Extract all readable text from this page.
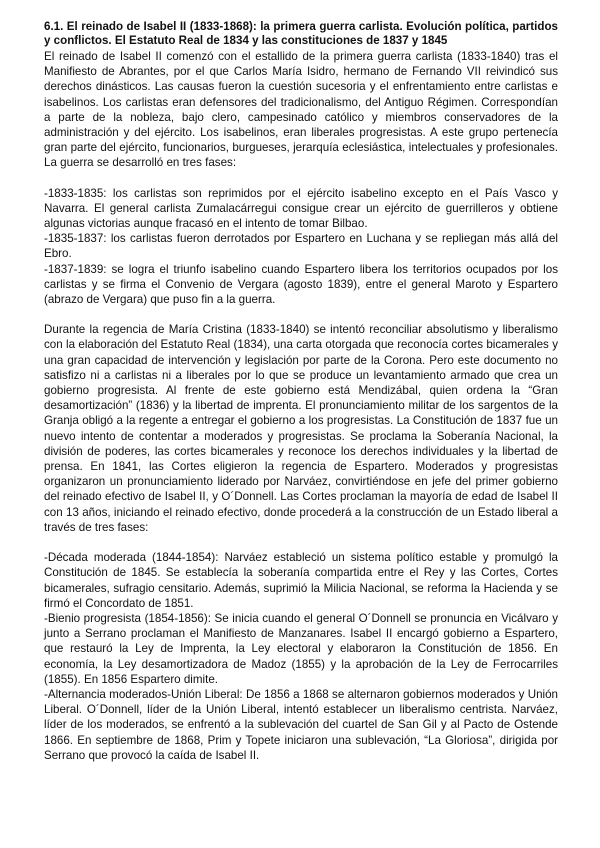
6.1. El reinado de Isabel II (1833-1868): la primera guerra carlista. Evolución política, partidos y conflictos. El Estatuto Real de 1834 y las constituciones de 1837 y 1845

El reinado de Isabel II comenzó con el estallido de la primera guerra carlista (1833-1840) tras el Manifiesto de Abrantes, por el que Carlos María Isidro, hermano de Fernando VII reivindicó sus derechos dinásticos. Las causas fueron la cuestión sucesoria y el enfrentamiento entre carlistas e isabelinos. Los carlistas eran defensores del tradicionalismo, del Antiguo Régimen. Correspondían a parte de la nobleza, bajo clero, campesinado católico y miembros conservadores de la administración y del ejército. Los isabelinos, eran liberales progresistas. A este grupo pertenecía gran parte del ejército, funcionarios, burgueses, jerarquía eclesiástica, intelectuales y profesionales. La guerra se desarrolló en tres fases:

-1833-1835: los carlistas son reprimidos por el ejército isabelino excepto en el País Vasco y Navarra. El general carlista Zumalacárregui consigue crear un ejército de guerrilleros y obtiene algunas victorias aunque fracasó en el intento de tomar Bilbao.

-1835-1837: los carlistas fueron derrotados por Espartero en Luchana y se repliegan más allá del Ebro.

-1837-1839: se logra el triunfo isabelino cuando Espartero libera los territorios ocupados por los carlistas y se firma el Convenio de Vergara (agosto 1839), entre el general Maroto y Espartero (abrazo de Vergara) que puso fin a la guerra.

Durante la regencia de María Cristina (1833-1840) se intentó reconciliar absolutismo y liberalismo con la elaboración del Estatuto Real (1834), una carta otorgada que reconocía cortes bicamerales y una gran capacidad de intervención y legislación por parte de la Corona. Pero este documento no satisfizo ni a carlistas ni a liberales por lo que se produce un levantamiento armado que crea un gobierno progresista. Al frente de este gobierno está Mendizábal, quien ordena la “Gran desamortización” (1836) y la libertad de imprenta. El pronunciamiento militar de los sargentos de la Granja obligó a la regente a entregar el gobierno a los progresistas. La Constitución de 1837 fue un nuevo intento de contentar a moderados y progresistas. Se proclama la Soberanía Nacional, la división de poderes, las cortes bicamerales y reconoce los derechos individuales y la libertad de prensa. En 1841, las Cortes eligieron la regencia de Espartero. Moderados y progresistas organizaron un pronunciamiento liderado por Narváez, convirtiéndose en jefe del primer gobierno del reinado efectivo de Isabel II, y O´Donnell. Las Cortes proclaman la mayoría de edad de Isabel II con 13 años, iniciando el reinado efectivo, donde procederá a la construcción de un Estado liberal a través de tres fases:

-Década moderada (1844-1854): Narváez estableció un sistema político estable y promulgó la Constitución de 1845. Se establecía la soberanía compartida entre el Rey y las Cortes, Cortes bicamerales, sufragio censitario. Además, suprimió la Milicia Nacional, se reforma la Hacienda y se firmó el Concordato de 1851.

-Bienio progresista (1854-1856): Se inicia cuando el general O´Donnell se pronuncia en Vicálvaro y junto a Serrano proclaman el Manifiesto de Manzanares. Isabel II encargó gobierno a Espartero, que restauró la Ley de Imprenta, la Ley electoral y elaboraron la Constitución de 1856. En economía, la Ley desamortizadora de Madoz (1855) y la aprobación de la Ley de Ferrocarriles (1855). En 1856 Espartero dimite.

-Alternancia moderados-Unión Liberal: De 1856 a 1868 se alternaron gobiernos moderados y Unión Liberal. O´Donnell, líder de la Unión Liberal, intentó establecer un liberalismo centrista. Narváez, líder de los moderados, se enfrentó a la sublevación del cuartel de San Gil y al Pacto de Ostende 1866. En septiembre de 1868, Prim y Topete iniciaron una sublevación, “La Gloriosa”, dirigida por Serrano que provocó la caída de Isabel II.
